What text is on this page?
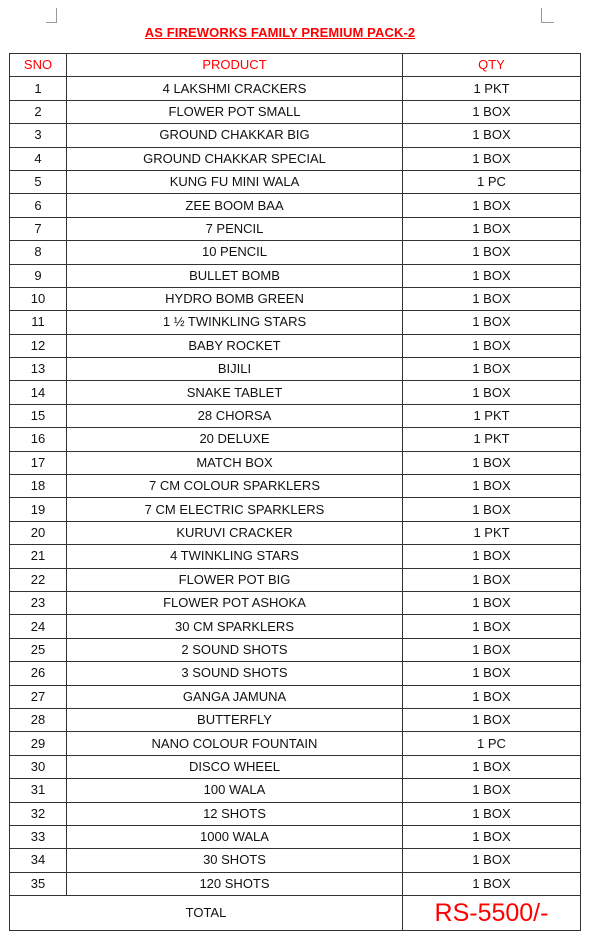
AS FIREWORKS FAMILY PREMIUM PACK-2
SNO	PRODUCT	QTY
1	4 LAKSHMI CRACKERS	1 PKT
2	FLOWER POT SMALL	1 BOX
3	GROUND CHAKKAR BIG	1 BOX
4	GROUND CHAKKAR SPECIAL	1 BOX
5	KUNG FU MINI WALA	1 PC
6	ZEE BOOM BAA	1 BOX
7	7 PENCIL	1 BOX
8	10 PENCIL	1 BOX
9	BULLET BOMB	1 BOX
10	HYDRO BOMB GREEN	1 BOX
11	1 ½ TWINKLING STARS	1 BOX
12	BABY ROCKET	1 BOX
13	BIJILI	1 BOX
14	SNAKE TABLET	1 BOX
15	28 CHORSA	1 PKT
16	20 DELUXE	1 PKT
17	MATCH BOX	1 BOX
18	7 CM COLOUR SPARKLERS	1 BOX
19	7 CM ELECTRIC SPARKLERS	1 BOX
20	KURUVI CRACKER	1 PKT
21	4 TWINKLING STARS	1 BOX
22	FLOWER POT BIG	1 BOX
23	FLOWER POT ASHOKA	1 BOX
24	30 CM SPARKLERS	1 BOX
25	2 SOUND SHOTS	1 BOX
26	3 SOUND SHOTS	1 BOX
27	GANGA JAMUNA	1 BOX
28	BUTTERFLY	1 BOX
29	NANO COLOUR FOUNTAIN	1 PC
30	DISCO WHEEL	1 BOX
31	100 WALA	1 BOX
32	12 SHOTS	1 BOX
33	1000 WALA	1 BOX
34	30 SHOTS	1 BOX
35	120 SHOTS	1 BOX
TOTAL		RS-5500/-
